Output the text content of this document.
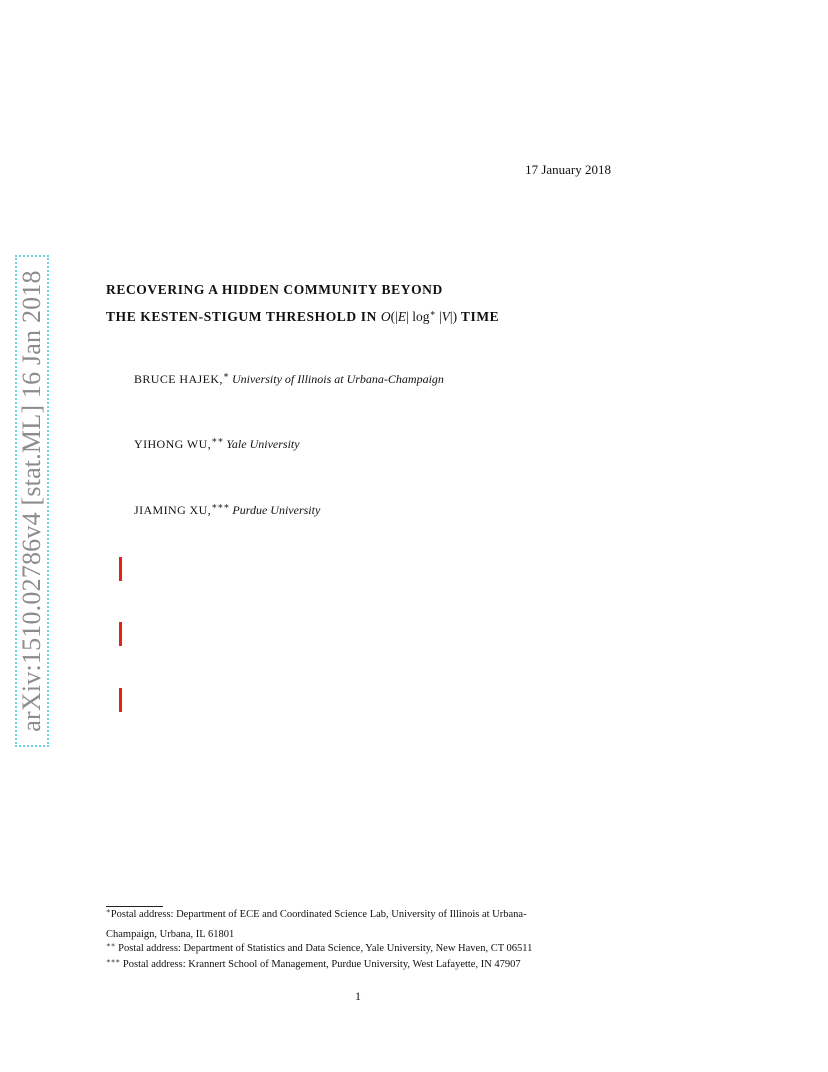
17 January 2018
arXiv:1510.02786v4 [stat.ML] 16 Jan 2018	RECOVERING A HIDDEN COMMUNITY BEYOND
THE KESTEN-STIGUM THRESHOLD IN O(|E| log∗ |V|) TIME
BRUCE HAJEK,∗ University of Illinois at Urbana-Champaign
YIHONG WU,∗∗ Yale University
JIAMING XU,∗∗∗ Purdue University
∗Postal address: Department of ECE and Coordinated Science Lab, University of Illinois at Urbana-
Champaign, Urbana, IL 61801
∗∗ Postal address: Department of Statistics and Data Science, Yale University, New Haven, CT 06511
∗∗∗ Postal address: Krannert School of Management, Purdue University, West Lafayette, IN 47907
1
